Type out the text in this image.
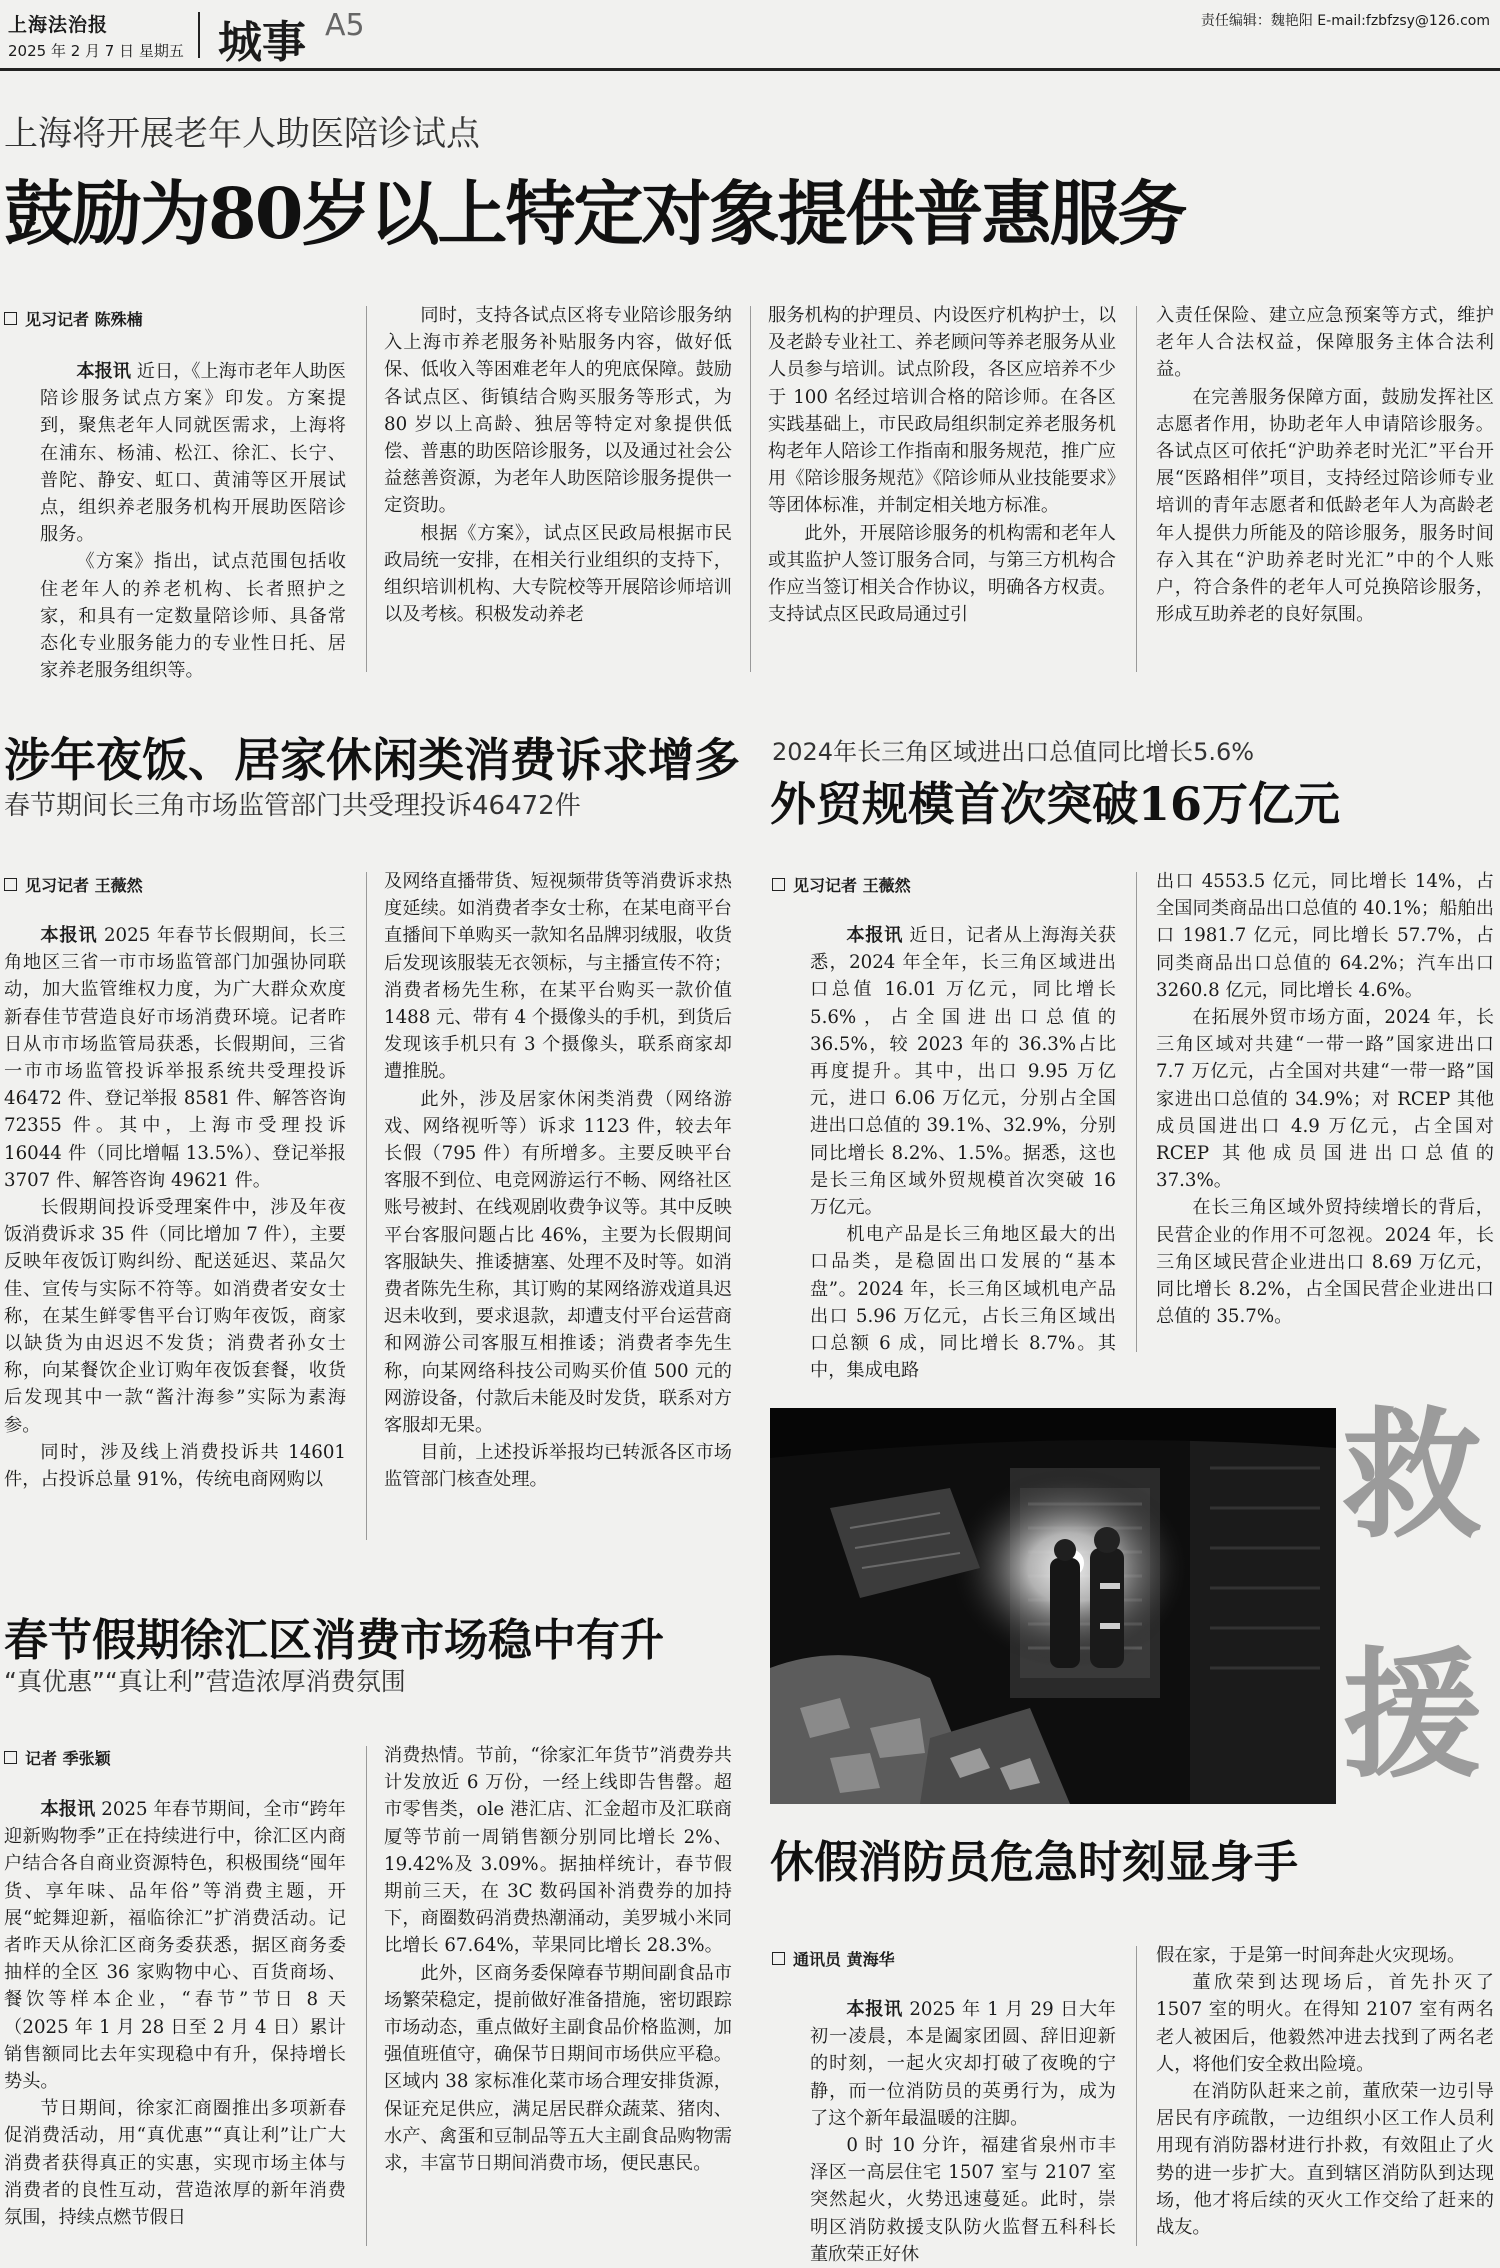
上海法治报
2025 年 2 月 7 日 星期五 城事 A5	责任编辑：魏艳阳 E-mail:fzbfzsy@126.com
上海将开展老年人助医陪诊试点
鼓励为80岁以上特定对象提供普惠服务
见习记者 陈殊楠

本报讯 近日，《上海市老年人助医陪诊服务试点方案》印发。方案提到，聚焦老年人同就医需求，上海将在浦东、杨浦、松江、徐汇、长宁、普陀、静安、虹口、黄浦等区开展试点，组织养老服务机构开展助医陪诊服务。

《方案》指出，试点范围包括收住老年人的养老机构、长者照护之家，和具有一定数量陪诊师、具备常态化专业服务能力的专业性日托、居家养老服务组织等。

同时，支持各试点区将专业陪诊服务纳入上海市养老服务补贴服务内容，做好低保、低收入等困难老年人的兜底保障。鼓励各试点区、街镇结合购买服务等形式，为 80 岁以上高龄、独居等特定对象提供低偿、普惠的助医陪诊服务，以及通过社会公益慈善资源，为老年人助医陪诊服务提供一定资助。

根据《方案》，试点区民政局根据市民政局统一安排，在相关行业组织的支持下，组织培训机构、大专院校等开展陪诊师培训以及考核。积极发动养老

服务机构的护理员、内设医疗机构护士，以及老龄专业社工、养老顾问等养老服务从业人员参与培训。试点阶段，各区应培养不少于 100 名经过培训合格的陪诊师。在各区实践基础上，市民政局组织制定养老服务机构老年人陪诊工作指南和服务规范，推广应用《陪诊服务规范》《陪诊师从业技能要求》等团体标准，并制定相关地方标准。

此外，开展陪诊服务的机构需和老年人或其监护人签订服务合同，与第三方机构合作应当签订相关合作协议，明确各方权责。支持试点区民政局通过引

入责任保险、建立应急预案等方式，维护老年人合法权益，保障服务主体合法利益。

在完善服务保障方面，鼓励发挥社区志愿者作用，协助老年人申请陪诊服务。各试点区可依托“沪助养老时光汇”平台开展“医路相伴”项目，支持经过陪诊师专业培训的青年志愿者和低龄老年人为高龄老年人提供力所能及的陪诊服务，服务时间存入其在“沪助养老时光汇”中的个人账户，符合条件的老年人可兑换陪诊服务，形成互助养老的良好氛围。

涉年夜饭、居家休闲类消费诉求增多
春节期间长三角市场监管部门共受理投诉46472件
见习记者 王薇然

本报讯 2025 年春节长假期间，长三角地区三省一市市场监管部门加强协同联动，加大监管维权力度，为广大群众欢度新春佳节营造良好市场消费环境。记者昨日从市市场监管局获悉，长假期间，三省一市市场监管投诉举报系统共受理投诉 46472 件、登记举报 8581 件、解答咨询 72355 件。其中，上海市受理投诉 16044 件（同比增幅 13.5%）、登记举报 3707 件、解答咨询 49621 件。

长假期间投诉受理案件中，涉及年夜饭消费诉求 35 件（同比增加 7 件），主要反映年夜饭订购纠纷、配送延迟、菜品欠佳、宣传与实际不符等。如消费者安女士称，在某生鲜零售平台订购年夜饭，商家以缺货为由迟迟不发货；消费者孙女士称，向某餐饮企业订购年夜饭套餐，收货后发现其中一款“酱汁海参”实际为素海参。

同时，涉及线上消费投诉共 14601 件，占投诉总量 91%，传统电商网购以

及网络直播带货、短视频带货等消费诉求热度延续。如消费者李女士称，在某电商平台直播间下单购买一款知名品牌羽绒服，收货后发现该服装无衣领标，与主播宣传不符；消费者杨先生称，在某平台购买一款价值 1488 元、带有 4 个摄像头的手机，到货后发现该手机只有 3 个摄像头，联系商家却遭推脱。

此外，涉及居家休闲类消费（网络游戏、网络视听等）诉求 1123 件，较去年长假（795 件）有所增多。主要反映平台客服不到位、电竞网游运行不畅、网络社区账号被封、在线观剧收费争议等。其中反映平台客服问题占比 46%，主要为长假期间客服缺失、推诿搪塞、处理不及时等。如消费者陈先生称，其订购的某网络游戏道具迟迟未收到，要求退款，却遭支付平台运营商和网游公司客服互相推诿；消费者李先生称，向某网络科技公司购买价值 500 元的网游设备，付款后未能及时发货，联系对方客服却无果。

目前，上述投诉举报均已转派各区市场监管部门核查处理。

2024年长三角区域进出口总值同比增长5.6%
外贸规模首次突破16万亿元
见习记者 王薇然

本报讯 近日，记者从上海海关获悉，2024 年全年，长三角区域进出口总值 16.01 万亿元，同比增长 5.6%，占全国进出口总值的 36.5%，较 2023 年的 36.3%占比再度提升。其中，出口 9.95 万亿元，进口 6.06 万亿元，分别占全国进出口总值的 39.1%、32.9%，分别同比增长 8.2%、1.5%。据悉，这也是长三角区域外贸规模首次突破 16 万亿元。

机电产品是长三角地区最大的出口品类，是稳固出口发展的“基本盘”。2024 年，长三角区域机电产品出口 5.96 万亿元，占长三角区域出口总额 6 成，同比增长 8.7%。其中，集成电路

出口 4553.5 亿元，同比增长 14%，占全国同类商品出口总值的 40.1%；船舶出口 1981.7 亿元，同比增长 57.7%，占同类商品出口总值的 64.2%；汽车出口 3260.8 亿元，同比增长 4.6%。

在拓展外贸市场方面，2024 年，长三角区域对共建“一带一路”国家进出口 7.7 万亿元，占全国对共建“一带一路”国家进出口总值的 34.9%；对 RCEP 其他成员国进出口 4.9 万亿元，占全国对 RCEP 其他成员国进出口总值的 37.3%。

在长三角区域外贸持续增长的背后，民营企业的作用不可忽视。2024 年，长三角区域民营企业进出口 8.69 万亿元，同比增长 8.2%，占全国民营企业进出口总值的 35.7%。

救
援
春节假期徐汇区消费市场稳中有升
“真优惠”“真让利”营造浓厚消费氛围
记者 季张颖

本报讯 2025 年春节期间，全市“跨年迎新购物季”正在持续进行中，徐汇区内商户结合各自商业资源特色，积极围绕“囤年货、享年味、品年俗”等消费主题，开展“蛇舞迎新，福临徐汇”扩消费活动。记者昨天从徐汇区商务委获悉，据区商务委抽样的全区 36 家购物中心、百货商场、餐饮等样本企业，“春节”节日 8 天（2025 年 1 月 28 日至 2 月 4 日）累计销售额同比去年实现稳中有升，保持增长势头。

节日期间，徐家汇商圈推出多项新春促消费活动，用“真优惠”“真让利”让广大消费者获得真正的实惠，实现市场主体与消费者的良性互动，营造浓厚的新年消费氛围，持续点燃节假日

消费热情。节前，“徐家汇年货节”消费券共计发放近 6 万份，一经上线即告售罄。超市零售类，ole 港汇店、汇金超市及汇联商厦等节前一周销售额分别同比增长 2%、19.42%及 3.09%。据抽样统计，春节假期前三天，在 3C 数码国补消费券的加持下，商圈数码消费热潮涌动，美罗城小米同比增长 67.64%，苹果同比增长 28.3%。

此外，区商务委保障春节期间副食品市场繁荣稳定，提前做好准备措施，密切跟踪市场动态，重点做好主副食品价格监测，加强值班值守，确保节日期间市场供应平稳。区域内 38 家标准化菜市场合理安排货源，保证充足供应，满足居民群众蔬菜、猪肉、水产、禽蛋和豆制品等五大主副食品购物需求，丰富节日期间消费市场，便民惠民。

休假消防员危急时刻显身手
通讯员 黄海华

本报讯 2025 年 1 月 29 日大年初一凌晨，本是阖家团圆、辞旧迎新的时刻，一起火灾却打破了夜晚的宁静，而一位消防员的英勇行为，成为了这个新年最温暖的注脚。

0 时 10 分许，福建省泉州市丰泽区一高层住宅 1507 室与 2107 室突然起火，火势迅速蔓延。此时，崇明区消防救援支队防火监督五科科长董欣荣正好休

假在家，于是第一时间奔赴火灾现场。

董欣荣到达现场后，首先扑灭了 1507 室的明火。在得知 2107 室有两名老人被困后，他毅然冲进去找到了两名老人，将他们安全救出险境。

在消防队赶来之前，董欣荣一边引导居民有序疏散，一边组织小区工作人员利用现有消防器材进行扑救，有效阻止了火势的进一步扩大。直到辖区消防队到达现场，他才将后续的灭火工作交给了赶来的战友。
